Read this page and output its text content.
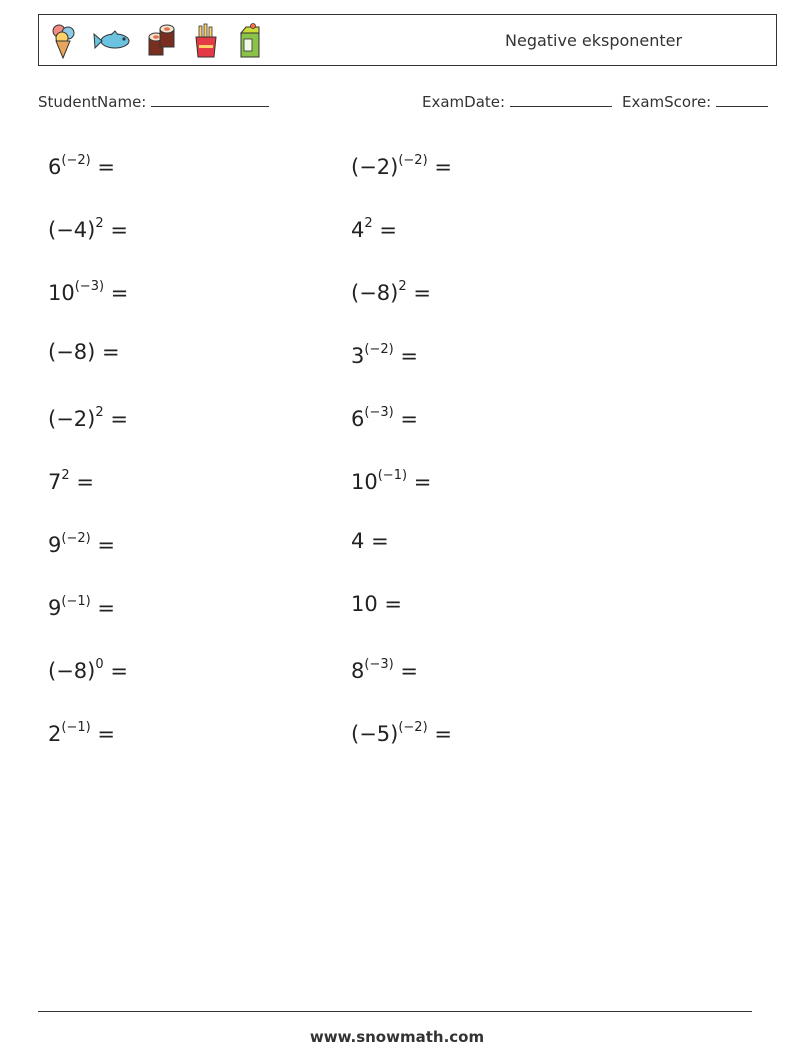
Negative eksponenter
StudentName:	ExamDate:	ExamScore:
$6^{(-2)}$ =	$(-2)^{(-2)}$ =
$(-4)^2$ =	$4^2$ =
$10^{(-3)}$ =	$(-8)^2$ =
(−8) =	$3^{(-2)}$ =
$(-2)^2$ =	$6^{(-3)}$ =
$7^2$ =	$10^{(-1)}$ =
$9^{(-2)}$ =	4 =
$9^{(-1)}$ =	10 =
$(-8)^0$ =	$8^{(-3)}$ =
$2^{(-1)}$ =	$(-5)^{(-2)}$ =
www.snowmath.com
